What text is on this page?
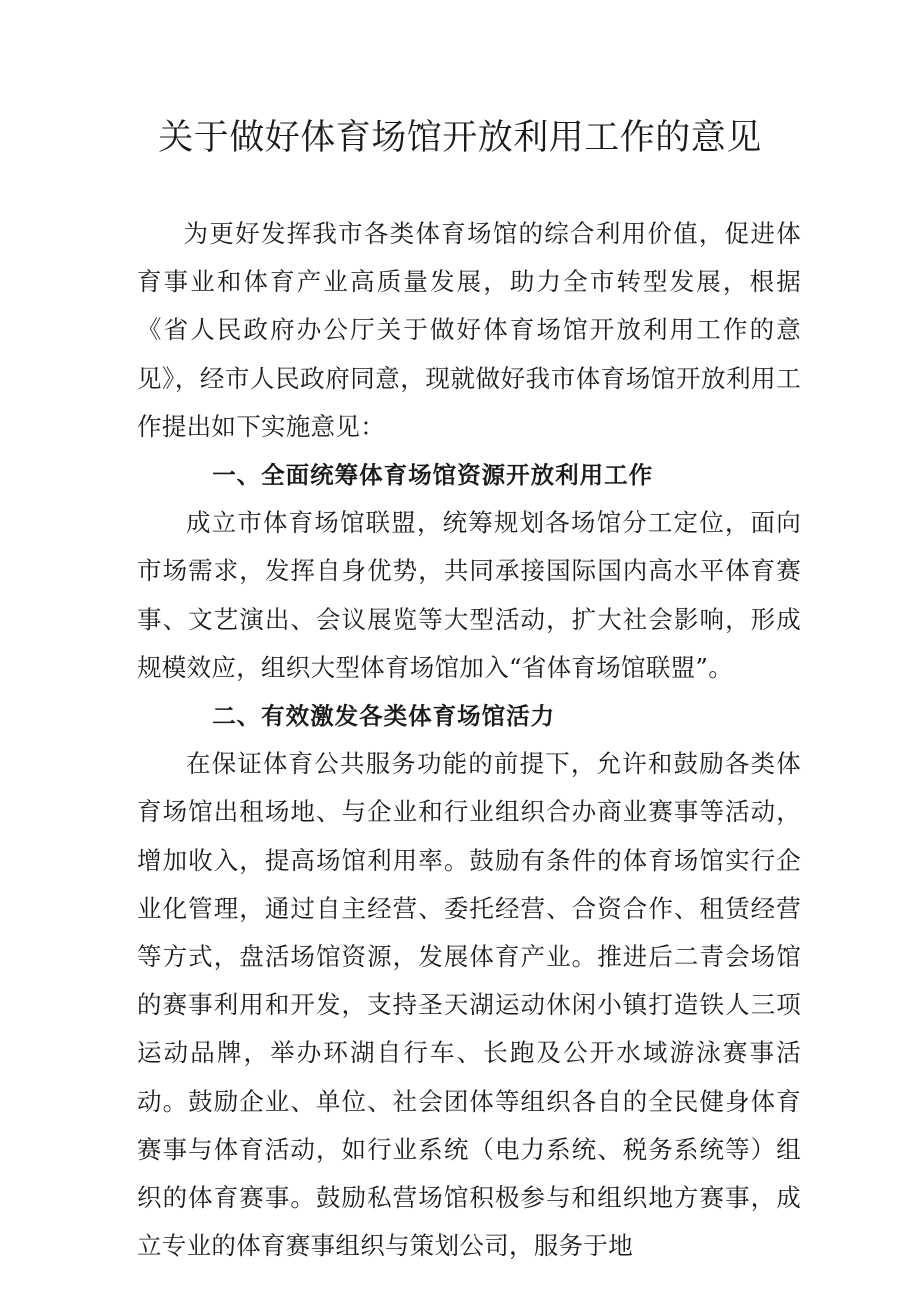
关于做好体育场馆开放利用工作的意见

为更好发挥我市各类体育场馆的综合利用价值，促进体育事业和体育产业高质量发展，助力全市转型发展，根据《省人民政府办公厅关于做好体育场馆开放利用工作的意见》，经市人民政府同意，现就做好我市体育场馆开放利用工作提出如下实施意见：

一、全面统筹体育场馆资源开放利用工作

成立市体育场馆联盟，统筹规划各场馆分工定位，面向市场需求，发挥自身优势，共同承接国际国内高水平体育赛事、文艺演出、会议展览等大型活动，扩大社会影响，形成规模效应，组织大型体育场馆加入“省体育场馆联盟”。

二、有效激发各类体育场馆活力

在保证体育公共服务功能的前提下，允许和鼓励各类体育场馆出租场地、与企业和行业组织合办商业赛事等活动，增加收入，提高场馆利用率。鼓励有条件的体育场馆实行企业化管理，通过自主经营、委托经营、合资合作、租赁经营等方式，盘活场馆资源，发展体育产业。推进后二青会场馆的赛事利用和开发，支持圣天湖运动休闲小镇打造铁人三项运动品牌，举办环湖自行车、长跑及公开水域游泳赛事活动。鼓励企业、单位、社会团体等组织各自的全民健身体育赛事与体育活动，如行业系统（电力系统、税务系统等）组织的体育赛事。鼓励私营场馆积极参与和组织地方赛事，成立专业的体育赛事组织与策划公司，服务于地
